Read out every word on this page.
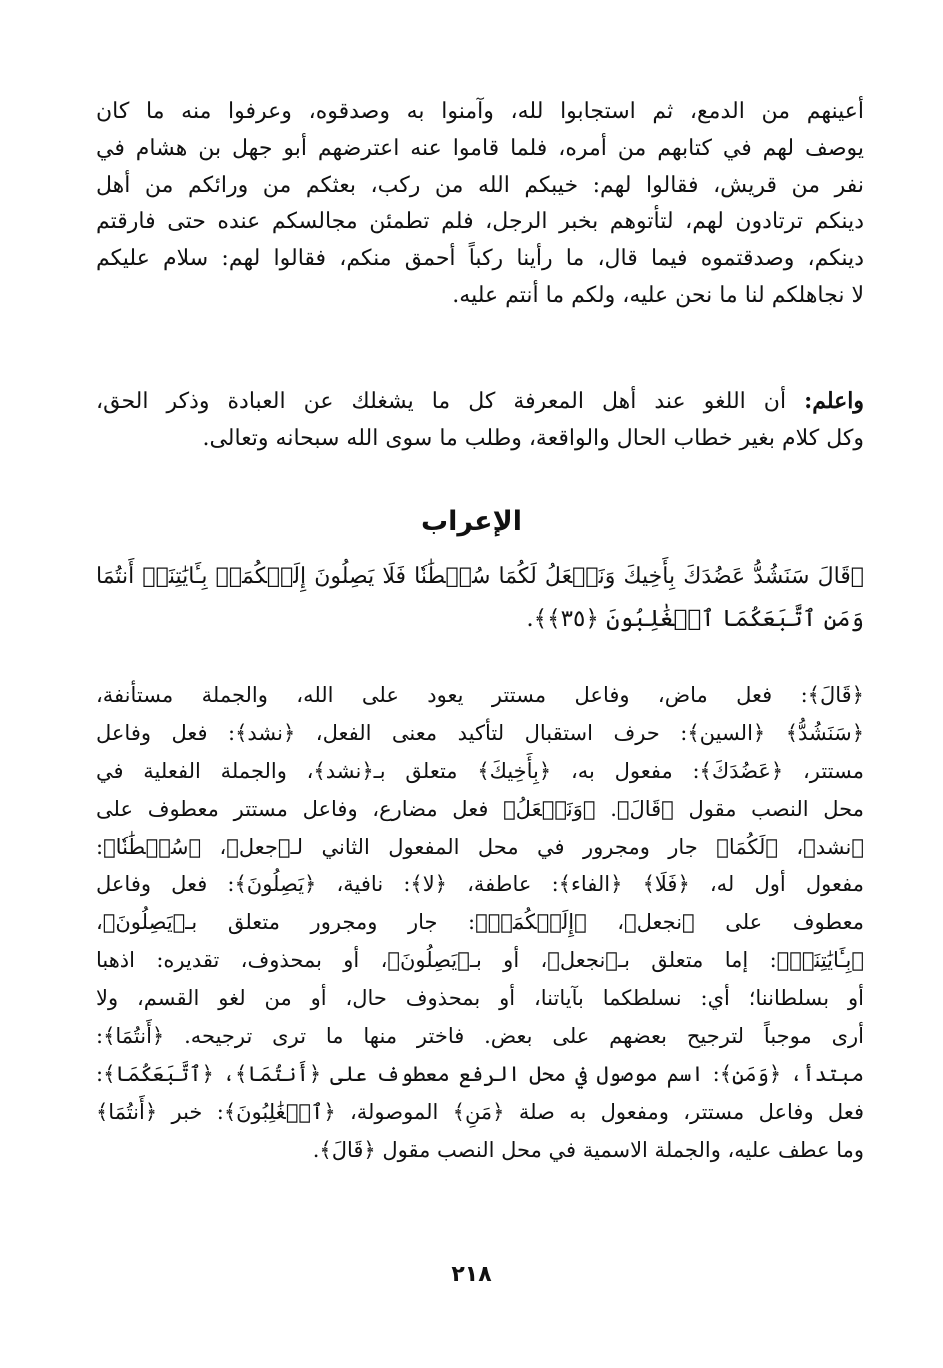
أعينهم من الدمع، ثم استجابوا لله، وآمنوا به وصدقوه، وعرفوا منه ما كان
يوصف لهم في كتابهم من أمره، فلما قاموا عنه اعترضهم أبو جهل بن هشام في
نفر من قريش، فقالوا لهم: خيبكم الله من ركب، بعثكم من ورائكم من أهل
دينكم ترتادون لهم، لتأتوهم بخبر الرجل، فلم تطمئن مجالسكم عنده حتى فارقتم
دينكم، وصدقتموه فيما قال، ما رأينا ركباً أحمق منكم، فقالوا لهم: سلام عليكم
لا نجاهلكم لنا ما نحن عليه، ولكم ما أنتم عليه.
واعلم: أن اللغو عند أهل المعرفة كل ما يشغلك عن العبادة وذكر الحق،
وكل كلام بغير خطاب الحال والواقعة، وطلب ما سوى الله سبحانه وتعالى.
الإعراب
﴿قَالَ سَنَشُدُّ عَضُدَكَ بِأَخِيكَ وَنَجۡعَلُ لَكُمَا سُلۡطَٰنٗا فَلَا يَصِلُونَ إِلَيۡكُمَاۚ بِـَٔايَٰتِنَآۚ أَنتُمَا
وَمَنِ ٱتَّبَعَكُمَا ٱلۡغَٰلِبُونَ ﴿٣٥﴾﴾.
﴿قَالَ﴾: فعل ماض، وفاعل مستتر يعود على الله، والجملة مستأنفة،
﴿سَنَشُدُّ﴾ ﴿السين﴾: حرف استقبال لتأكيد معنى الفعل، ﴿نشد﴾: فعل وفاعل
مستتر، ﴿عَضُدَكَ﴾: مفعول به، ﴿بِأَخِيكَ﴾ متعلق بـ﴿نشد﴾، والجملة الفعلية في
محل النصب مقول ﴿قَالَ﴾. ﴿وَنَجۡعَلُ﴾ فعل مضارع، وفاعل مستتر معطوف على
﴿نشد﴾، ﴿لَكُمَا﴾ جار ومجرور في محل المفعول الثاني لـ﴿جعل﴾، ﴿سُلۡطَٰنٗا﴾:
مفعول أول له، ﴿فَلَا﴾ ﴿الفاء﴾: عاطفة، ﴿لا﴾: نافية، ﴿يَصِلُونَ﴾: فعل وفاعل
معطوف على ﴿نجعل﴾، ﴿إِلَيۡكُمَاۚ﴾: جار ومجرور متعلق بـ﴿يَصِلُونَ﴾،
﴿بِـَٔايَٰتِنَآۚ﴾: إما متعلق بـ﴿نجعل﴾، أو بـ﴿يَصِلُونَ﴾، أو بمحذوف، تقديره: اذهبا
أو بسلطاننا؛ أي: نسلطكما بآياتنا، أو بمحذوف حال، أو من لغو القسم، ولا
أرى موجباً لترجيح بعضهم على بعض. فاختر منها ما ترى ترجيحه. ﴿أَنتُمَا﴾:
مبتدأ، ﴿وَمَنِ﴾: اسم موصول في محل الرفع معطوف على ﴿أَنتُمَا﴾، ﴿ٱتَّبَعَكُمَا﴾:
فعل وفاعل مستتر، ومفعول به صلة ﴿مَنِ﴾ الموصولة، ﴿ٱلۡغَٰلِبُونَ﴾: خبر ﴿أَنتُمَا﴾
وما عطف عليه، والجملة الاسمية في محل النصب مقول ﴿قَالَ﴾.
٢١٨
